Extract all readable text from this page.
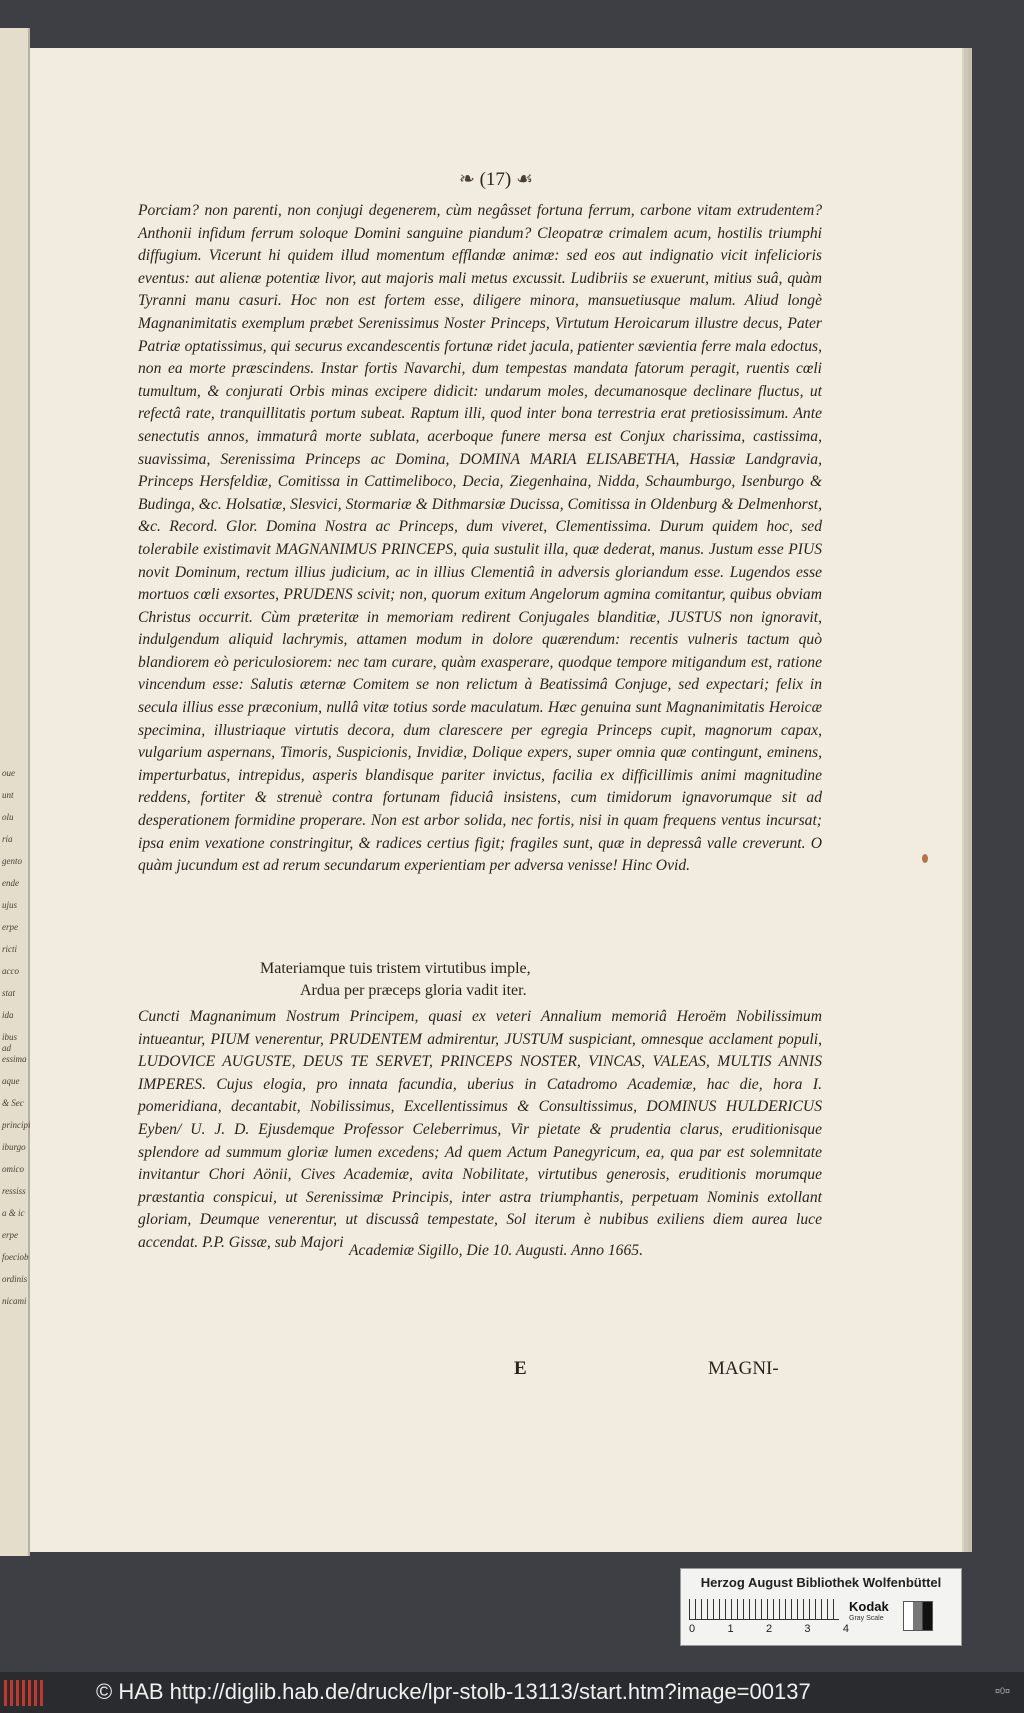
oue
unt
olu
ria
gento
ende
ujus
erpe
ricti
acco
stat
ida
ibus ad
essima
aque
& Sec
principi
iburgo
omico
ressiss
a & ic
erpe
foeciob
ordinis
nicami
❧ (17) ☙

Porciam? non parenti, non conjugi degenerem, cùm negâsset fortuna ferrum, carbone vitam extrudentem? Anthonii infidum ferrum soloque Domini sanguine piandum? Cleopatræ crimalem acum, hostilis triumphi diffugium. Vicerunt hi quidem illud momentum efflandæ animæ: sed eos aut indignatio vicit infelicioris eventus: aut alienæ potentiæ livor, aut majoris mali metus excussit. Ludibriis se exuerunt, mitius suâ, quàm Tyranni manu casuri. Hoc non est fortem esse, diligere minora, mansuetiusque malum. Aliud longè Magnanimitatis exemplum præbet Serenissimus Noster Princeps, Virtutum Heroicarum illustre decus, Pater Patriæ optatissimus, qui securus excandescentis fortunæ ridet jacula, patienter sævientia ferre mala edoctus, non ea morte præscindens. Instar fortis Navarchi, dum tempestas mandata fatorum peragit, ruentis cœli tumultum, & conjurati Orbis minas excipere didicit: undarum moles, decumanosque declinare fluctus, ut refectâ rate, tranquillitatis portum subeat. Raptum illi, quod inter bona terrestria erat pretiosissimum. Ante senectutis annos, immaturâ morte sublata, acerboque funere mersa est Conjux charissima, castissima, suavissima, Serenissima Princeps ac Domina, DOMINA MARIA ELISABETHA, Hassiæ Landgravia, Princeps Hersfeldiæ, Comitissa in Cattimeliboco, Decia, Ziegenhaina, Nidda, Schaumburgo, Isenburgo & Budinga, &c. Holsatiæ, Slesvici, Stormariæ & Dithmarsiæ Ducissa, Comitissa in Oldenburg & Delmenhorst, &c. Record. Glor. Domina Nostra ac Princeps, dum viveret, Clementissima. Durum quidem hoc, sed tolerabile existimavit MAGNANIMUS PRINCEPS, quia sustulit illa, quæ dederat, manus. Justum esse PIUS novit Dominum, rectum illius judicium, ac in illius Clementiâ in adversis gloriandum esse. Lugendos esse mortuos cœli exsortes, PRUDENS scivit; non, quorum exitum Angelorum agmina comitantur, quibus obviam Christus occurrit. Cùm præteritæ in memoriam redirent Conjugales blanditiæ, JUSTUS non ignoravit, indulgendum aliquid lachrymis, attamen modum in dolore quærendum: recentis vulneris tactum quò blandiorem eò periculosiorem: nec tam curare, quàm exasperare, quodque tempore mitigandum est, ratione vincendum esse: Salutis æternæ Comitem se non relictum à Beatissimâ Conjuge, sed expectari; felix in secula illius esse præconium, nullâ vitæ totius sorde maculatum. Hæc genuina sunt Magnanimitatis Heroicæ specimina, illustriaque virtutis decora, dum clarescere per egregia Princeps cupit, magnorum capax, vulgarium aspernans, Timoris, Suspicionis, Invidiæ, Dolique expers, super omnia quæ contingunt, eminens, imperturbatus, intrepidus, asperis blandisque pariter invictus, facilia ex difficillimis animi magnitudine reddens, fortiter & strenuè contra fortunam fiduciâ insistens, cum timidorum ignavorumque sit ad desperationem formidine properare. Non est arbor solida, nec fortis, nisi in quam frequens ventus incursat; ipsa enim vexatione constringitur, & radices certius figit; fragiles sunt, quæ in depressâ valle creverunt. O quàm jucundum est ad rerum secundarum experientiam per adversa venisse! Hinc Ovid.

Materiamque tuis tristem virtutibus imple,
Ardua per præceps gloria vadit iter.

Cuncti Magnanimum Nostrum Principem, quasi ex veteri Annalium memoriâ Heroëm Nobilissimum intueantur, PIUM venerentur, PRUDENTEM admirentur, JUSTUM suspiciant, omnesque acclament populi, LUDOVICE AUGUSTE, DEUS TE SERVET, PRINCEPS NOSTER, VINCAS, VALEAS, MULTIS ANNIS IMPERES. Cujus elogia, pro innata facundia, uberius in Catadromo Academiæ, hac die, hora I. pomeridiana, decantabit, Nobilissimus, Excellentissimus & Consultissimus, DOMINUS HULDERICUS Eyben/ U. J. D. Ejusdemque Professor Celeberrimus, Vir pietate & prudentia clarus, eruditionisque splendore ad summum gloriæ lumen excedens; Ad quem Actum Panegyricum, ea, qua par est solemnitate invitantur Chori Aönii, Cives Academiæ, avita Nobilitate, virtutibus generosis, eruditionis morumque præstantia conspicui, ut Serenissimæ Principis, inter astra triumphantis, perpetuam Nominis extollant gloriam, Deumque venerentur, ut discussâ tempestate, Sol iterum è nubibus exiliens diem aurea luce accendat. P.P. Gissæ, sub Majori Academiæ Sigillo, Die 10. Augusti. Anno 1665.
E	MAGNI-
Herzog August Bibliothek Wolfenbüttel
0	1	2	3	4
Kodak
Gray Scale
© HAB http://diglib.hab.de/drucke/lpr-stolb-13113/start.htm?image=00137	¤0¤
